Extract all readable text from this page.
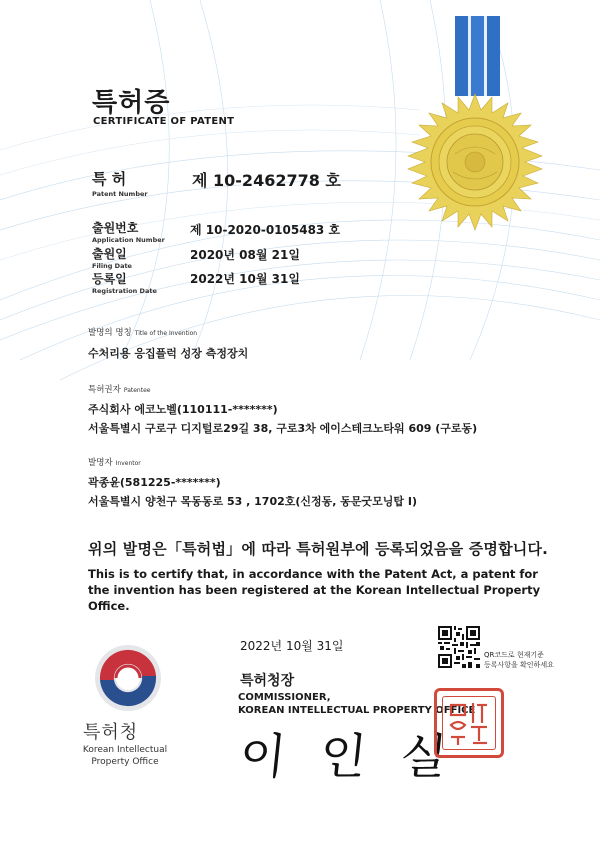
특허증
CERTIFICATE OF PATENT
특 허
Patent Number
제 10-2462778 호
출원번호
Application Number
제 10-2020-0105483 호
출원일
Filing Date
2020년 08월 21일
등록일
Registration Date
2022년 10월 31일
발명의 명칭 Title of the Invention
수처리용 응집플럭 성장 측정장치
특허권자 Patentee
주식회사 에코노벨(110111-*******)
서울특별시 구로구 디지털로29길 38, 구로3차 에이스테크노타워 609 (구로동)
발명자 Inventor
곽종윤(581225-*******)
서울특별시 양천구 목동동로 53 , 1702호(신정동, 동문굿모닝탑 I)
위의 발명은「특허법」에 따라 특허원부에 등록되었음을 증명합니다.
This is to certify that, in accordance with the Patent Act, a patent for the invention has been registered at the Korean Intellectual Property Office.
2022년 10월 31일
QR코드로 현재기준
등록사항을 확인하세요
특허청장
COMMISSIONER,
KOREAN INTELLECTUAL PROPERTY OFFICE
이인실
특허청
Korean Intellectual
Property Office
